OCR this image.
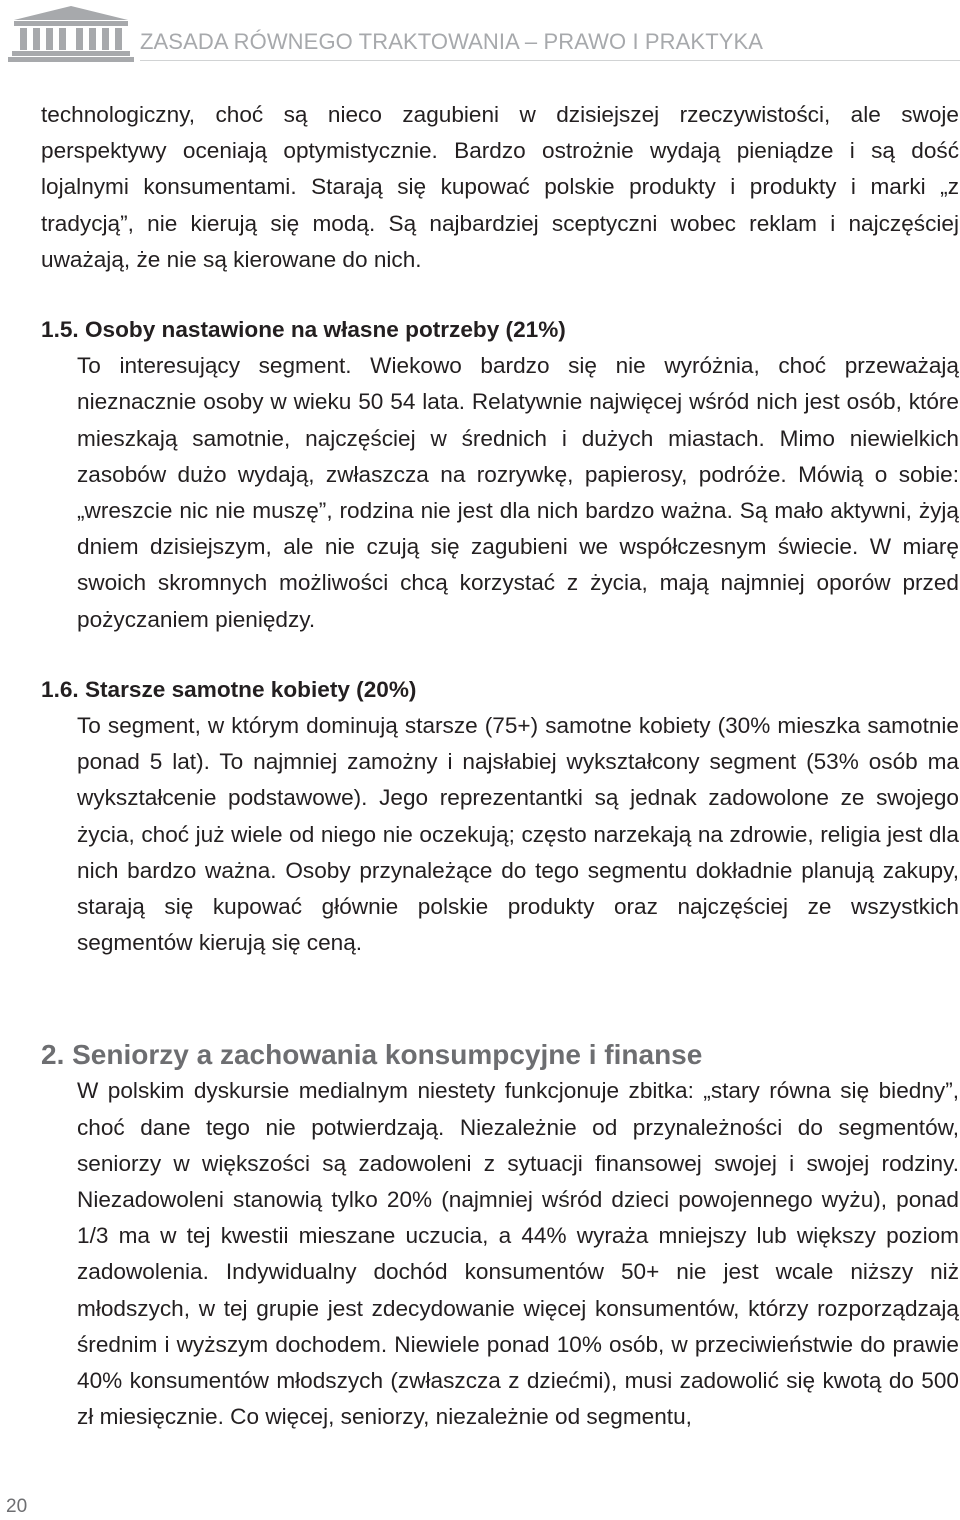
ZASADA RÓWNEGO TRAKTOWANIA – PRAWO I PRAKTYKA

technologiczny, choć są nieco zagubieni w dzisiejszej rzeczywistości, ale swoje perspektywy oceniają optymistycznie. Bardzo ostrożnie wydają pieniądze i są dość lojalnymi konsumentami. Starają się kupować polskie produkty i produkty i marki „z tradycją”, nie kierują się modą. Są najbardziej sceptyczni wobec reklam i najczęściej uważają, że nie są kierowane do nich.

1.5. Osoby nastawione na własne potrzeby (21%)

To interesujący segment. Wiekowo bardzo się nie wyróżnia, choć przeważają nieznacznie osoby w wieku 50 54 lata. Relatywnie najwięcej wśród nich jest osób, które mieszkają samotnie, najczęściej w średnich i dużych miastach. Mimo niewielkich zasobów dużo wydają, zwłaszcza na rozrywkę, papierosy, podróże. Mówią o sobie: „wreszcie nic nie muszę”, rodzina nie jest dla nich bardzo ważna. Są mało aktywni, żyją dniem dzisiejszym, ale nie czują się zagubieni we współczesnym świecie. W miarę swoich skromnych możliwości chcą korzystać z życia, mają najmniej oporów przed pożyczaniem pieniędzy.

1.6. Starsze samotne kobiety (20%)

To segment, w którym dominują starsze (75+) samotne kobiety (30% mieszka samotnie ponad 5 lat). To najmniej zamożny i najsłabiej wykształcony segment (53% osób ma wykształcenie podstawowe). Jego reprezentantki są jednak zadowolone ze swojego życia, choć już wiele od niego nie oczekują; często narzekają na zdrowie, religia jest dla nich bardzo ważna. Osoby przynależące do tego segmentu dokładnie planują zakupy, starają się kupować głównie polskie produkty oraz najczęściej ze wszystkich segmentów kierują się ceną.

2. Seniorzy a zachowania konsumpcyjne i finanse

W polskim dyskursie medialnym niestety funkcjonuje zbitka: „stary równa się biedny”, choć dane tego nie potwierdzają. Niezależnie od przynależności do segmentów, seniorzy w większości są zadowoleni z sytuacji finansowej swojej i swojej rodziny. Niezadowoleni stanowią tylko 20% (najmniej wśród dzieci powojennego wyżu), ponad 1/3 ma w tej kwestii mieszane uczucia, a 44% wyraża mniejszy lub większy poziom zadowolenia. Indywidualny dochód konsumentów 50+ nie jest wcale niższy niż młodszych, w tej grupie jest zdecydowanie więcej konsumentów, którzy rozporządzają średnim i wyższym dochodem. Niewiele ponad 10% osób, w przeciwieństwie do prawie 40% konsumentów młodszych (zwłaszcza z dziećmi), musi zadowolić się kwotą do 500 zł miesięcznie. Co więcej, seniorzy, niezależnie od segmentu,

20
